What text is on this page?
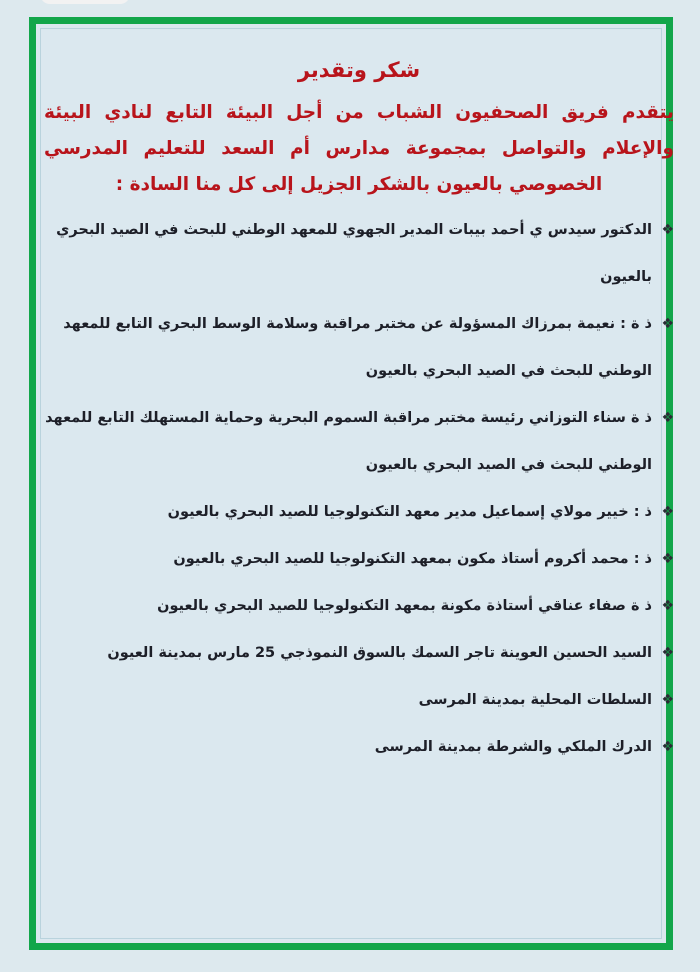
شكر وتقدير

يتقدم فريق الصحفيون الشباب من أجل البيئة التابع لنادي البيئة والإعلام والتواصل بمجموعة مدارس أم السعد للتعليم المدرسي الخصوصي بالعيون بالشكر الجزيل إلى كل منا السادة :

❖
الدكتور سيدس ي أحمد بيبات المدير الجهوي للمعهد الوطني للبحث في الصيد البحري بالعيون
❖
ذ ة : نعيمة بمرزاك المسؤولة عن مختبر مراقبة وسلامة الوسط البحري التابع للمعهد الوطني للبحث في الصيد البحري بالعيون
❖
ذ ة سناء التوزاني رئيسة مختبر مراقبة السموم البحرية وحماية المستهلك التابع للمعهد الوطني للبحث في الصيد البحري بالعيون
❖
ذ : خيير مولاي إسماعيل مدير معهد التكنولوجيا للصيد البحري بالعيون
❖
ذ : محمد أكروم أستاذ مكون بمعهد التكنولوجيا للصيد البحري بالعيون
❖
ذ ة صفاء عناقي أستاذة مكونة بمعهد التكنولوجيا للصيد البحري بالعيون
❖
السيد الحسين العوينة تاجر السمك بالسوق النموذجي 25 مارس بمدينة العيون
❖
السلطات المحلية بمدينة المرسى
❖
الدرك الملكي والشرطة بمدينة المرسى
